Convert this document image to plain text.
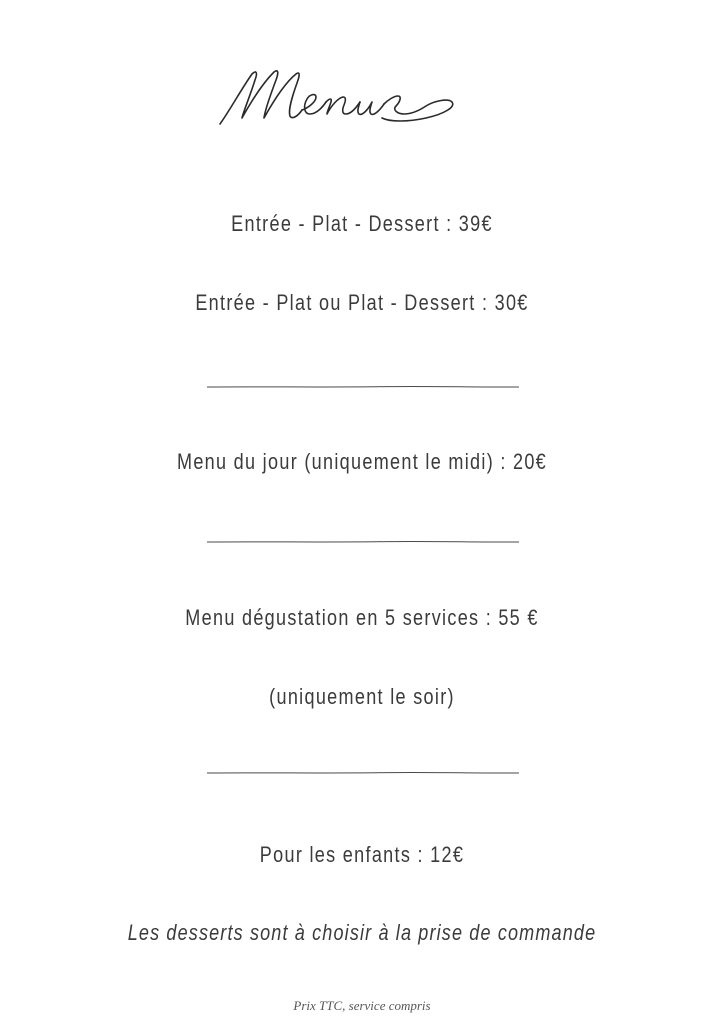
Entrée - Plat - Dessert : 39€
Entrée - Plat ou Plat - Dessert : 30€
Menu du jour (uniquement le midi) : 20€
Menu dégustation en 5 services : 55 €
(uniquement le soir)
Pour les enfants : 12€
Les desserts sont à choisir à la prise de commande
Prix TTC, service compris
